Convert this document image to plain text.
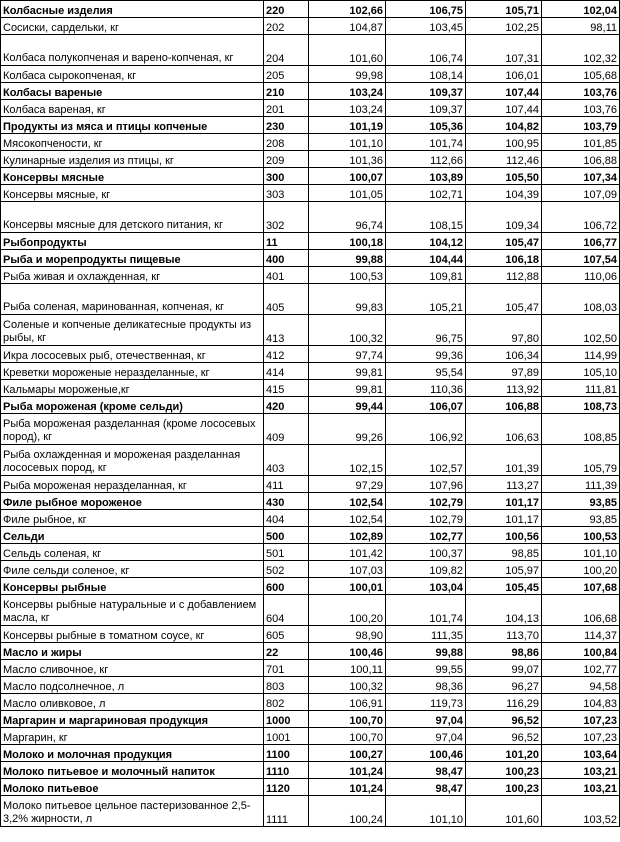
Колбасные изделия	220	102,66	106,75	105,71	102,04
Сосиски, сардельки, кг	202	104,87	103,45	102,25	98,11
Колбаса полукопченая и варено-копченая, кг	204	101,60	106,74	107,31	102,32
Колбаса сырокопченая, кг	205	99,98	108,14	106,01	105,68
Колбасы вареные	210	103,24	109,37	107,44	103,76
Колбаса вареная, кг	201	103,24	109,37	107,44	103,76
Продукты из мяса и птицы копченые	230	101,19	105,36	104,82	103,79
Мясокопчености, кг	208	101,10	101,74	100,95	101,85
Кулинарные изделия из птицы, кг	209	101,36	112,66	112,46	106,88
Консервы мясные	300	100,07	103,89	105,50	107,34
Консервы мясные, кг	303	101,05	102,71	104,39	107,09
Консервы мясные для детского питания, кг	302	96,74	108,15	109,34	106,72
Рыбопродукты	11	100,18	104,12	105,47	106,77
Рыба и морепродукты пищевые	400	99,88	104,44	106,18	107,54
Рыба живая и охлажденная, кг	401	100,53	109,81	112,88	110,06
Рыба соленая, маринованная, копченая, кг	405	99,83	105,21	105,47	108,03
Соленые и копченые деликатесные продукты из рыбы, кг	413	100,32	96,75	97,80	102,50
Икра лососевых рыб, отечественная, кг	412	97,74	99,36	106,34	114,99
Креветки мороженые неразделанные, кг	414	99,81	95,54	97,89	105,10
Кальмары мороженые,кг	415	99,81	110,36	113,92	111,81
Рыба мороженая (кроме сельди)	420	99,44	106,07	106,88	108,73
Рыба мороженая разделанная (кроме лососевых пород), кг	409	99,26	106,92	106,63	108,85
Рыба охлажденная и мороженая разделанная лососевых пород, кг	403	102,15	102,57	101,39	105,79
Рыба мороженая неразделанная, кг	411	97,29	107,96	113,27	111,39
Филе рыбное мороженое	430	102,54	102,79	101,17	93,85
Филе рыбное, кг	404	102,54	102,79	101,17	93,85
Сельди	500	102,89	102,77	100,56	100,53
Сельдь соленая, кг	501	101,42	100,37	98,85	101,10
Филе сельди соленое, кг	502	107,03	109,82	105,97	100,20
Консервы рыбные	600	100,01	103,04	105,45	107,68
Консервы рыбные натуральные и с добавлением масла, кг	604	100,20	101,74	104,13	106,68
Консервы рыбные в томатном соусе, кг	605	98,90	111,35	113,70	114,37
Масло и жиры	22	100,46	99,88	98,86	100,84
Масло сливочное, кг	701	100,11	99,55	99,07	102,77
Масло подсолнечное, л	803	100,32	98,36	96,27	94,58
Масло оливковое, л	802	106,91	119,73	116,29	104,83
Маргарин и маргариновая продукция	1000	100,70	97,04	96,52	107,23
Маргарин, кг	1001	100,70	97,04	96,52	107,23
Молоко и молочная продукция	1100	100,27	100,46	101,20	103,64
Молоко питьевое и молочный напиток	1110	101,24	98,47	100,23	103,21
Молоко питьевое	1120	101,24	98,47	100,23	103,21
Молоко питьевое цельное пастеризованное 2,5-3,2% жирности, л	1111	100,24	101,10	101,60	103,52
